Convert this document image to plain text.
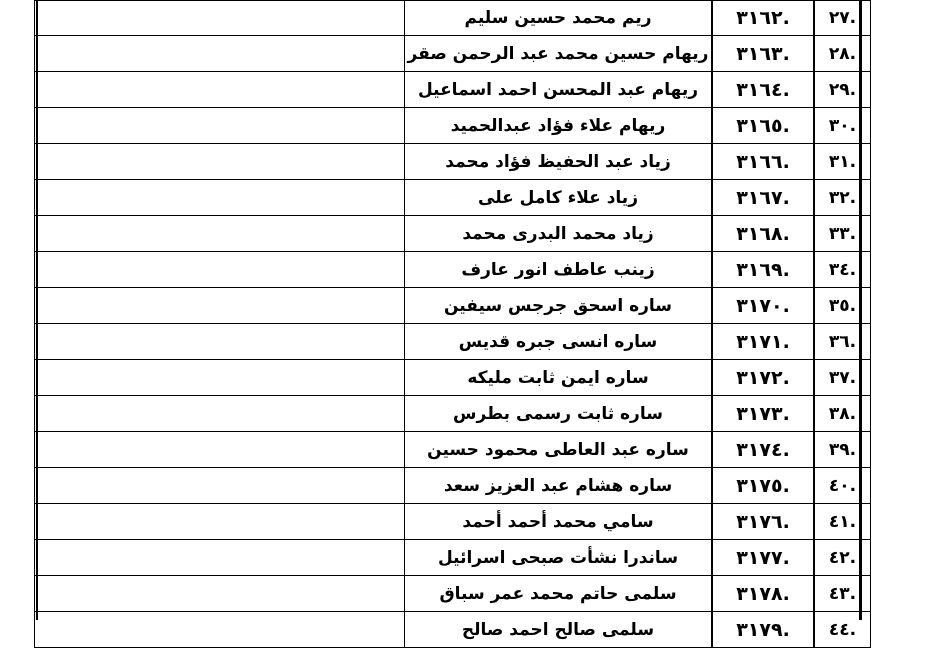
.٢٧	.٣١٦٢	ريم محمد حسين سليم	
.٢٨	.٣١٦٣	ريهام حسين محمد عبد الرحمن صقر	
.٢٩	.٣١٦٤	ريهام عبد المحسن احمد اسماعيل	
.٣٠	.٣١٦٥	ريهام علاء فؤاد عبدالحميد	
.٣١	.٣١٦٦	زياد عبد الحفيظ فؤاد محمد	
.٣٢	.٣١٦٧	زياد علاء كامل على	
.٣٣	.٣١٦٨	زياد محمد البدرى محمد	
.٣٤	.٣١٦٩	زينب عاطف انور عارف	
.٣٥	.٣١٧٠	ساره اسحق جرجس سيفين	
.٣٦	.٣١٧١	ساره انسى جبره قديس	
.٣٧	.٣١٧٢	ساره ايمن ثابت مليكه	
.٣٨	.٣١٧٣	ساره ثابت رسمى بطرس	
.٣٩	.٣١٧٤	ساره عبد العاطى محمود حسين	
.٤٠	.٣١٧٥	ساره هشام عبد العزيز سعد	
.٤١	.٣١٧٦	سامي محمد أحمد أحمد	
.٤٢	.٣١٧٧	ساندرا نشأت صبحى اسرائيل	
.٤٣	.٣١٧٨	سلمى حاتم محمد عمر سباق	
.٤٤	.٣١٧٩	سلمى صالح احمد صالح	
